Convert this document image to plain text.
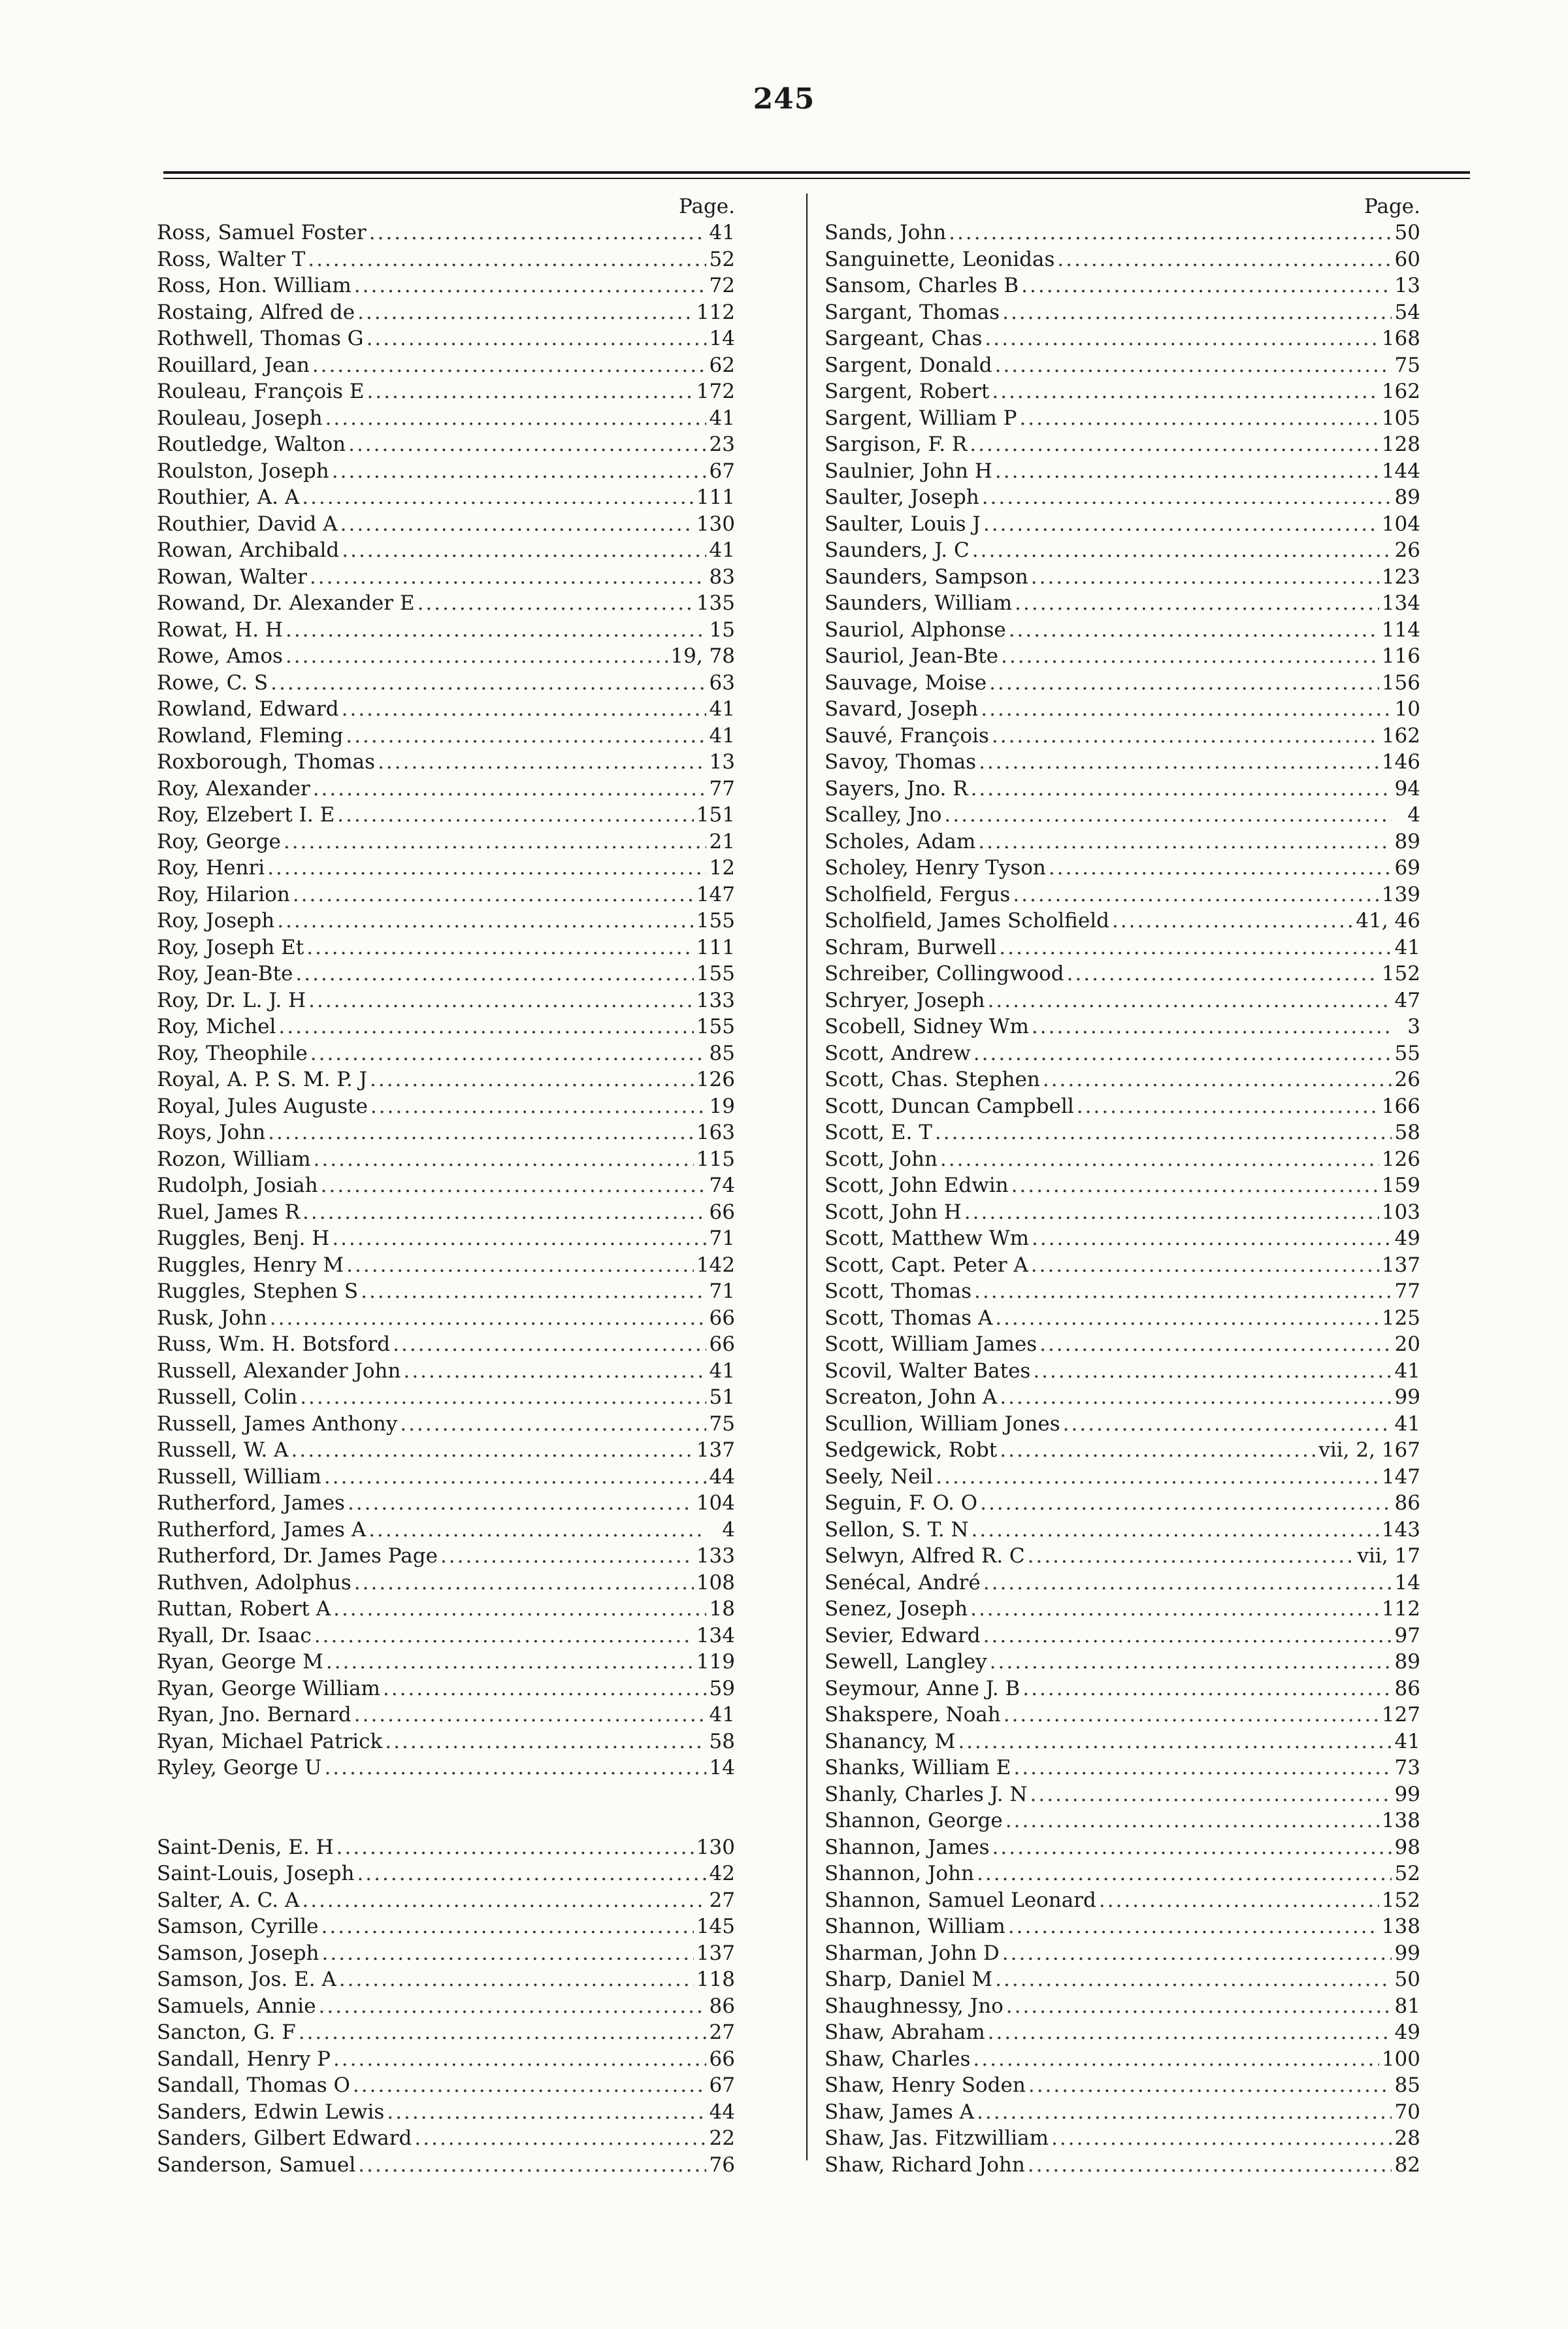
245
Page.
Ross, Samuel Foster .....	41
Ross, Walter T .....	52
Ross, Hon. William .....	72
Rostaing, Alfred de .....	112
Rothwell, Thomas G .....	14
Rouillard, Jean .....	62
Rouleau, François E .....	172
Rouleau, Joseph .....	41
Routledge, Walton .....	23
Roulston, Joseph .....	67
Routhier, A. A .....	111
Routhier, David A .....	130
Rowan, Archibald .....	41
Rowan, Walter .....	83
Rowand, Dr. Alexander E .....	135
Rowat, H. H .....	15
Rowe, Amos .....	19, 78
Rowe, C. S .....	63
Rowland, Edward .....	41
Rowland, Fleming .....	41
Roxborough, Thomas .....	13
Roy, Alexander .....	77
Roy, Elzebert I. E .....	151
Roy, George .....	21
Roy, Henri .....	12
Roy, Hilarion .....	147
Roy, Joseph .....	155
Roy, Joseph Et .....	111
Roy, Jean-Bte .....	155
Roy, Dr. L. J. H .....	133
Roy, Michel .....	155
Roy, Theophile .....	85
Royal, A. P. S. M. P. J .....	126
Royal, Jules Auguste .....	19
Roys, John .....	163
Rozon, William .....	115
Rudolph, Josiah .....	74
Ruel, James R .....	66
Ruggles, Benj. H .....	71
Ruggles, Henry M .....	142
Ruggles, Stephen S .....	71
Rusk, John .....	66
Russ, Wm. H. Botsford .....	66
Russell, Alexander John .....	41
Russell, Colin .....	51
Russell, James Anthony .....	75
Russell, W. A .....	137
Russell, William .....	44
Rutherford, James .....	104
Rutherford, James A .....	4
Rutherford, Dr. James Page .....	133
Ruthven, Adolphus .....	108
Ruttan, Robert A .....	18
Ryall, Dr. Isaac .....	134
Ryan, George M .....	119
Ryan, George William .....	59
Ryan, Jno. Bernard .....	41
Ryan, Michael Patrick .....	58
Ryley, George U .....	14
Saint-Denis, E. H .....	130
Saint-Louis, Joseph .....	42
Salter, A. C. A .....	27
Samson, Cyrille .....	145
Samson, Joseph .....	137
Samson, Jos. E. A .....	118
Samuels, Annie .....	86
Sancton, G. F .....	27
Sandall, Henry P .....	66
Sandall, Thomas O .....	67
Sanders, Edwin Lewis .....	44
Sanders, Gilbert Edward .....	22
Sanderson, Samuel .....	76
Page.
Sands, John .....	50
Sanguinette, Leonidas .....	60
Sansom, Charles B .....	13
Sargant, Thomas .....	54
Sargeant, Chas .....	168
Sargent, Donald .....	75
Sargent, Robert .....	162
Sargent, William P .....	105
Sargison, F. R .....	128
Saulnier, John H .....	144
Saulter, Joseph .....	89
Saulter, Louis J .....	104
Saunders, J. C .....	26
Saunders, Sampson .....	123
Saunders, William .....	134
Sauriol, Alphonse .....	114
Sauriol, Jean-Bte .....	116
Sauvage, Moise .....	156
Savard, Joseph .....	10
Sauvé, François .....	162
Savoy, Thomas .....	146
Sayers, Jno. R .....	94
Scalley, Jno .....	4
Scholes, Adam .....	89
Scholey, Henry Tyson .....	69
Scholfield, Fergus .....	139
Scholfield, James Scholfield .....	41, 46
Schram, Burwell .....	41
Schreiber, Collingwood .....	152
Schryer, Joseph .....	47
Scobell, Sidney Wm .....	3
Scott, Andrew .....	55
Scott, Chas. Stephen .....	26
Scott, Duncan Campbell .....	166
Scott, E. T .....	58
Scott, John .....	126
Scott, John Edwin .....	159
Scott, John H .....	103
Scott, Matthew Wm .....	49
Scott, Capt. Peter A .....	137
Scott, Thomas .....	77
Scott, Thomas A .....	125
Scott, William James .....	20
Scovil, Walter Bates .....	41
Screaton, John A .....	99
Scullion, William Jones .....	41
Sedgewick, Robt .....	vii, 2, 167
Seely, Neil .....	147
Seguin, F. O. O .....	86
Sellon, S. T. N .....	143
Selwyn, Alfred R. C .....	vii, 17
Senécal, André .....	14
Senez, Joseph .....	112
Sevier, Edward .....	97
Sewell, Langley .....	89
Seymour, Anne J. B .....	86
Shakspere, Noah .....	127
Shanancy, M .....	41
Shanks, William E .....	73
Shanly, Charles J. N .....	99
Shannon, George .....	138
Shannon, James .....	98
Shannon, John .....	52
Shannon, Samuel Leonard .....	152
Shannon, William .....	138
Sharman, John D .....	99
Sharp, Daniel M .....	50
Shaughnessy, Jno .....	81
Shaw, Abraham .....	49
Shaw, Charles .....	100
Shaw, Henry Soden .....	85
Shaw, James A .....	70
Shaw, Jas. Fitzwilliam .....	28
Shaw, Richard John .....	82
